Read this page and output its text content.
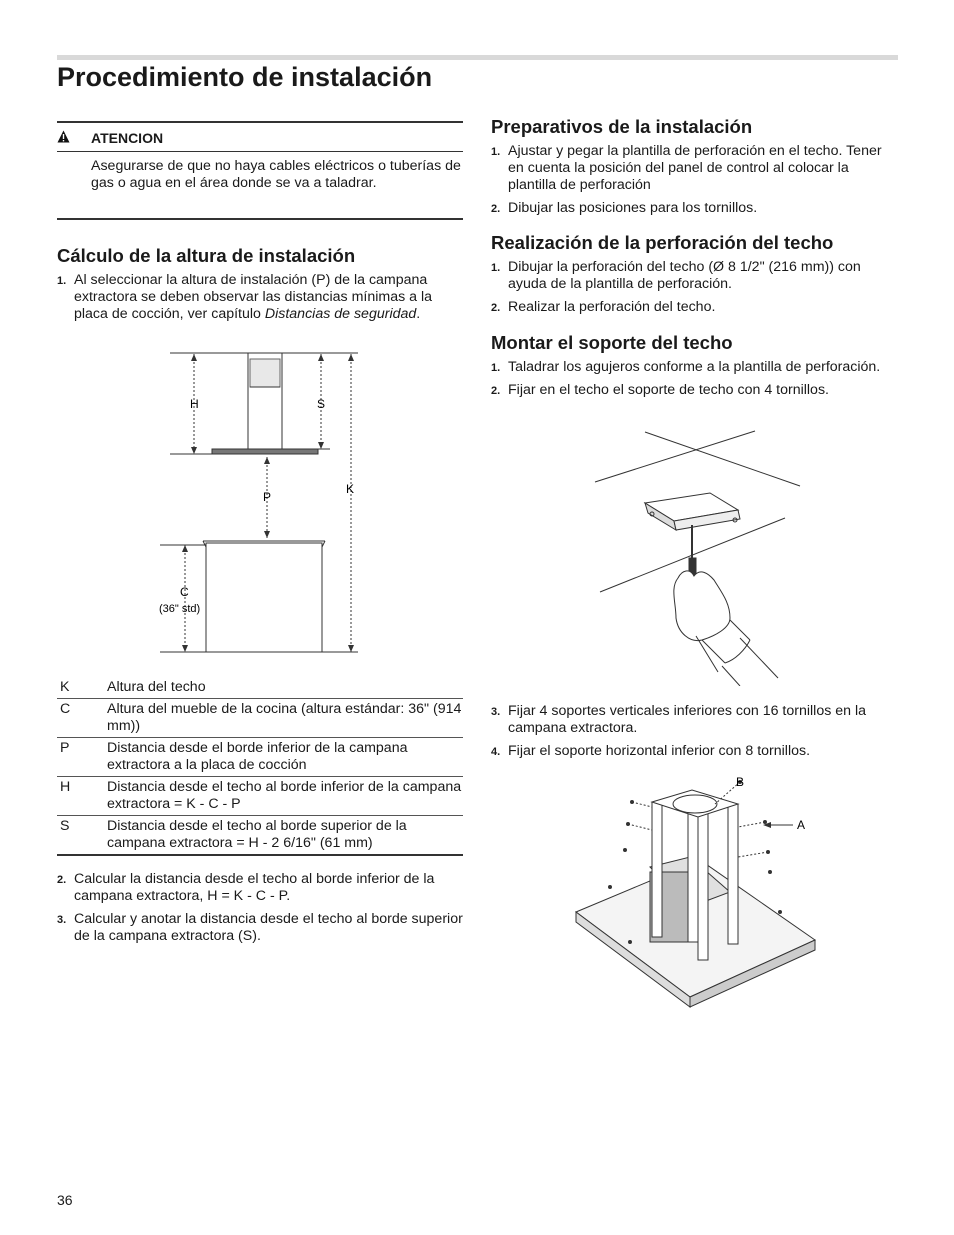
Procedimiento de instalación
ATENCION
Asegurarse de que no haya cables eléctricos o tuberías de gas o agua en el área donde se va a taladrar.
Cálculo de la altura de instalación
1. Al seleccionar la altura de instalación (P) de la campana extractora se deben observar las distancias mínimas a la placa de cocción, ver capítulo Distancias de seguridad.
H	S
P
K
C
(36" std)
K	Altura del techo
C	Altura del mueble de la cocina (altura estándar: 36" (914 mm))
P	Distancia desde el borde inferior de la campana extractora a la placa de cocción
H	Distancia desde el techo al borde inferior de la campana extractora = K - C - P
S	Distancia desde el techo al borde superior de la campana extractora = H - 2 6/16" (61 mm)
2. Calcular la distancia desde el techo al borde inferior de la campana extractora, H = K - C - P.
3. Calcular y anotar la distancia desde el techo al borde superior de la campana extractora (S).
Preparativos de la instalación
1. Ajustar y pegar la plantilla de perforación en el techo. Tener en cuenta la posición del panel de control al colocar la plantilla de perforación
2. Dibujar las posiciones para los tornillos.
Realización de la perforación del techo
1. Dibujar la perforación del techo (Ø 8 1/2" (216 mm)) con ayuda de la plantilla de perforación.
2. Realizar la perforación del techo.
Montar el soporte del techo
1. Taladrar los agujeros conforme a la plantilla de perforación.
2. Fijar en el techo el soporte de techo con 4 tornillos.
3. Fijar 4 soportes verticales inferiores con 16 tornillos en la campana extractora.
4. Fijar el soporte horizontal inferior con 8 tornillos.
B
A
36
